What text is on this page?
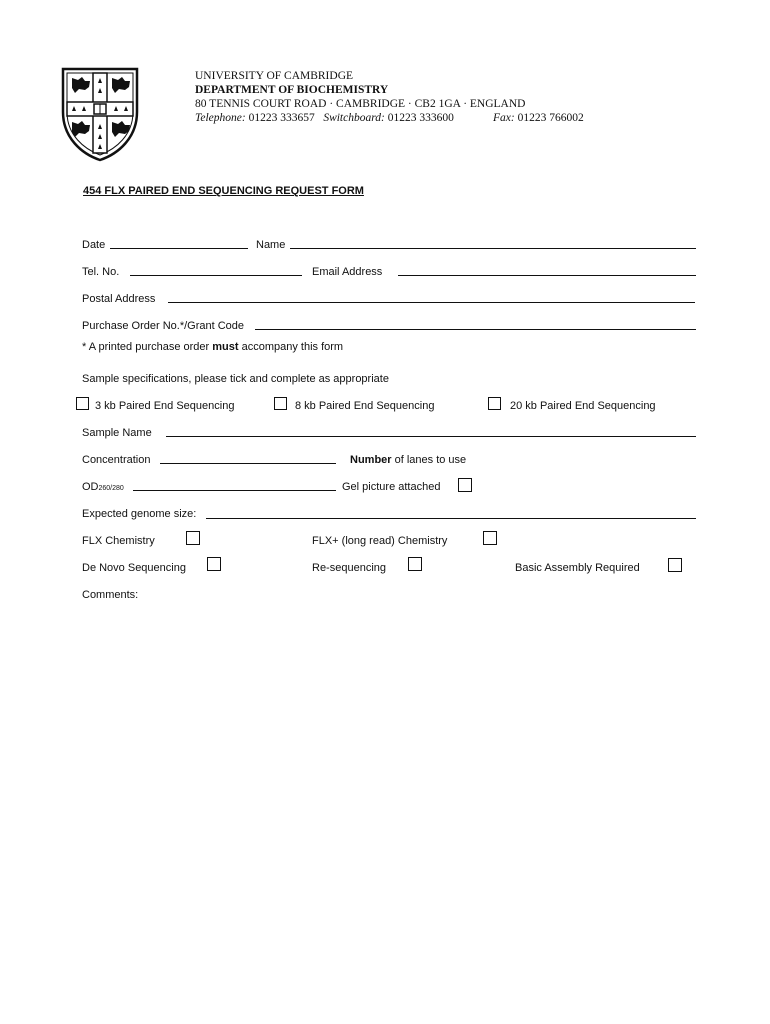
UNIVERSITY OF CAMBRIDGE
DEPARTMENT OF BIOCHEMISTRY
80 TENNIS COURT ROAD · CAMBRIDGE · CB2 1GA · ENGLAND
Telephone: 01223 333657 Switchboard: 01223 333600	Fax: 01223 766002
454 FLX PAIRED END SEQUENCING REQUEST FORM
Date	Name
Tel. No.	Email Address
Postal Address
Purchase Order No.*/Grant Code
* A printed purchase order must accompany this form
Sample specifications, please tick and complete as appropriate
3 kb Paired End Sequencing	8 kb Paired End Sequencing	20 kb Paired End Sequencing
Sample Name
Concentration	Number of lanes to use
OD260/280	Gel picture attached
Expected genome size:
FLX Chemistry	FLX+ (long read) Chemistry
De Novo Sequencing	Re-sequencing	Basic Assembly Required
Comments:
